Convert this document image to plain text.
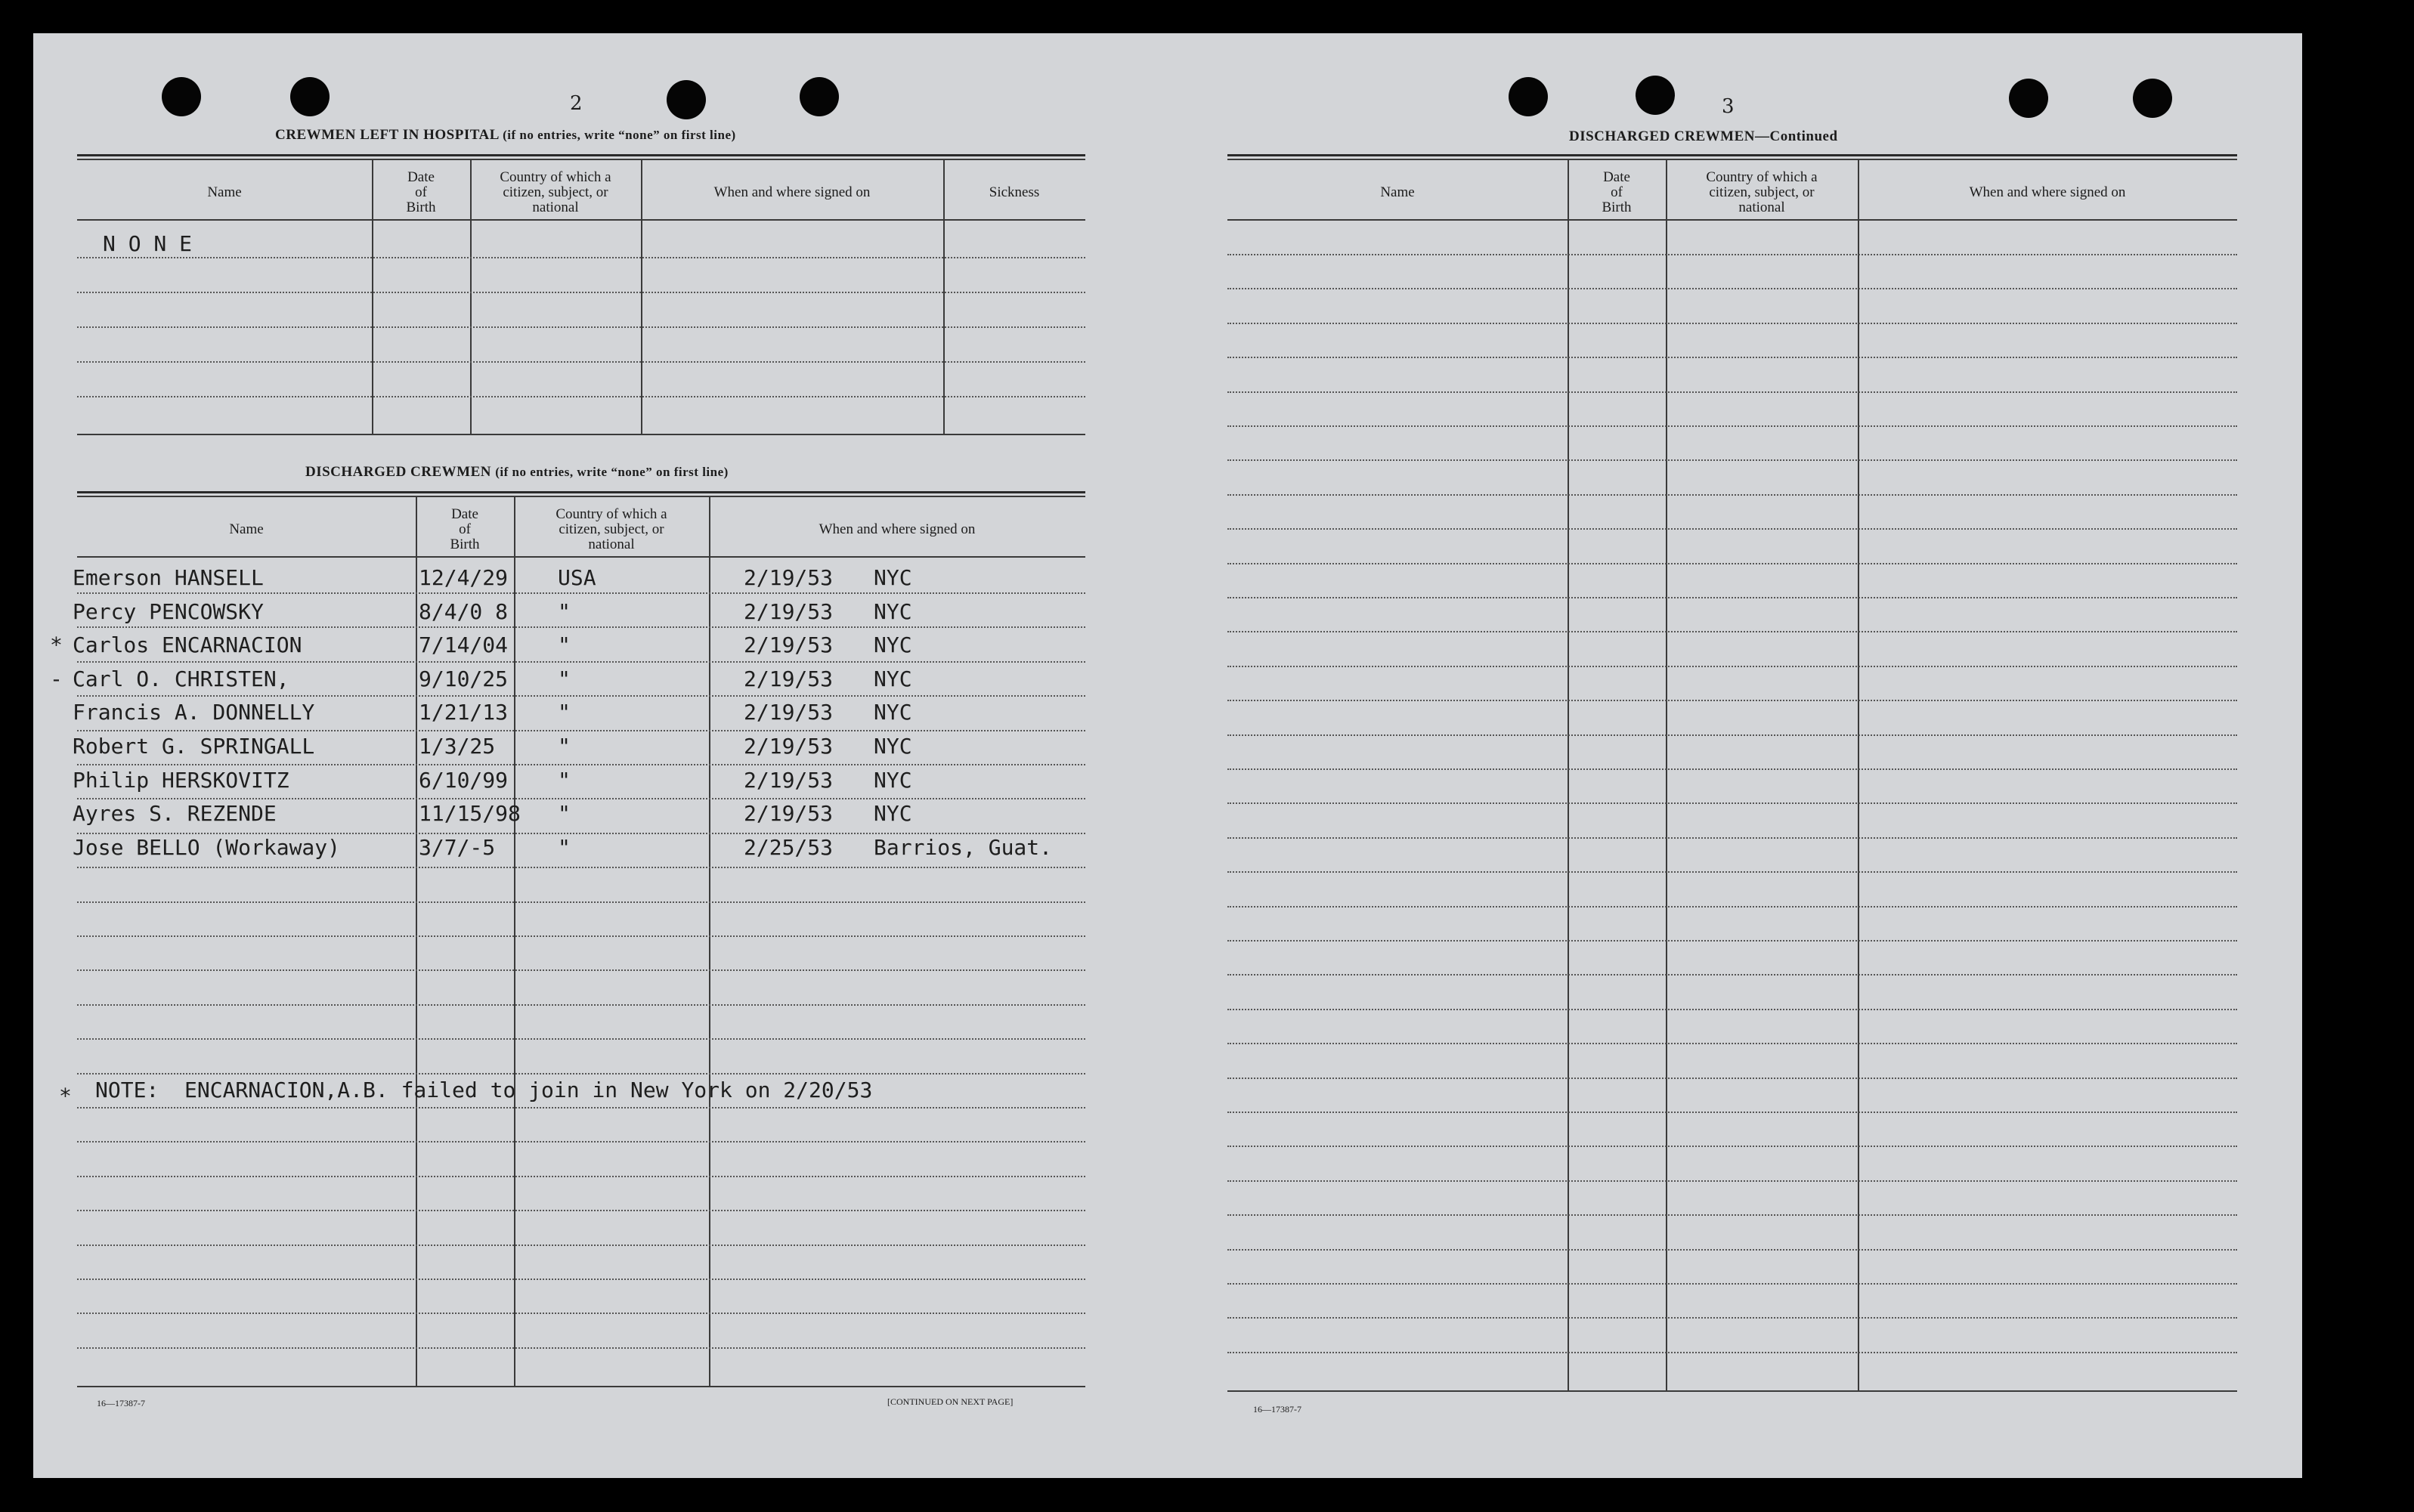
2
CREWMEN LEFT IN HOSPITAL (if no entries, write “none” on first line)
Name
Date
of
Birth
Country of which a
citizen, subject, or
national
When and where signed on	Sickness
N O N E
DISCHARGED CREWMEN (if no entries, write “none” on first line)
Name
Date
of
Birth
Country of which a
citizen, subject, or
national
When and where signed on
Emerson HANSELL	12/4/29 USA	2/19/53 NYC
Percy PENCOWSKY	8/4/0 8 "	2/19/53 NYC
* Carlos ENCARNACION	7/14/04 "	2/19/53 NYC
- Carl O. CHRISTEN,	9/10/25 "	2/19/53 NYC
Francis A. DONNELLY	1/21/13 "	2/19/53 NYC
Robert G. SPRINGALL	1/3/25	"	2/19/53 NYC
Philip HERSKOVITZ	6/10/99 "	2/19/53 NYC
Ayres S. REZENDE	11/15/98 "	2/19/53 NYC
Jose BELLO (Workaway)	3/7/-5	"	2/25/53 Barrios, Guat.
* NOTE:  ENCARNACION,A.B. failed to join in New York on 2/20/53
16—17387-7	[CONTINUED ON NEXT PAGE]
3
DISCHARGED CREWMEN—Continued
Name
Date
of
Birth
Country of which a
citizen, subject, or
national
When and where signed on
16—17387-7
